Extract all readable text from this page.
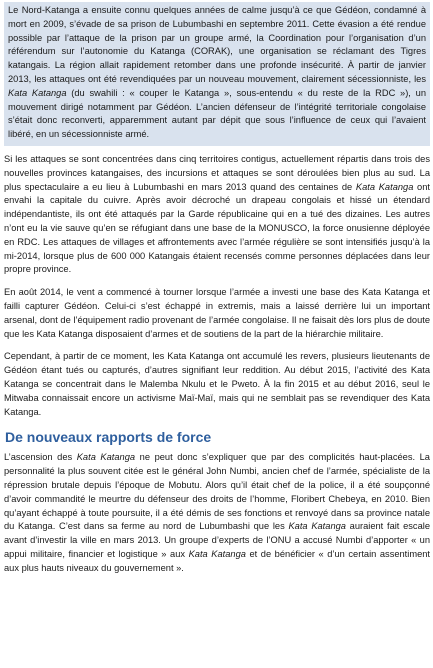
Le Nord-Katanga a ensuite connu quelques années de calme jusqu’à ce que Gédéon, condamné à mort en 2009, s’évade de sa prison de Lubumbashi en septembre 2011. Cette évasion a été rendue possible par l’attaque de la prison par un groupe armé, la Coordination pour l’organisation d’un référendum sur l’autonomie du Katanga (CORAK), une organisation se réclamant des Tigres katangais. La région allait rapidement retomber dans une profonde insécurité. À partir de janvier 2013, les attaques ont été revendiquées par un nouveau mouvement, clairement sécessionniste, les Kata Katanga (du swahili : « couper le Katanga », sous-entendu « du reste de la RDC »), un mouvement dirigé notamment par Gédéon. L’ancien défenseur de l’intégrité territoriale congolaise s’était donc reconverti, apparemment autant par dépit que sous l’influence de ceux qui l’avaient libéré, en un sécessionniste armé.

Si les attaques se sont concentrées dans cinq territoires contigus, actuellement répartis dans trois des nouvelles provinces katangaises, des incursions et attaques se sont déroulées bien plus au sud. La plus spectaculaire a eu lieu à Lubumbashi en mars 2013 quand des centaines de Kata Katanga ont envahi la capitale du cuivre. Après avoir décroché un drapeau congolais et hissé un étendard indépendantiste, ils ont été attaqués par la Garde républicaine qui en a tué des dizaines. Les autres n’ont eu la vie sauve qu’en se réfugiant dans une base de la MONUSCO, la force onusienne déployée en RDC. Les attaques de villages et affrontements avec l’armée régulière se sont intensifiés jusqu’à la mi-2014, lorsque plus de 600 000 Katangais étaient recensés comme personnes déplacées dans leur propre province.

En août 2014, le vent a commencé à tourner lorsque l’armée a investi une base des Kata Katanga et failli capturer Gédéon. Celui-ci s’est échappé in extremis, mais a laissé derrière lui un important arsenal, dont de l’équipement radio provenant de l’armée congolaise. Il ne faisait dès lors plus de doute que les Kata Katanga disposaient d’armes et de soutiens de la part de la hiérarchie militaire.

Cependant, à partir de ce moment, les Kata Katanga ont accumulé les revers, plusieurs lieutenants de Gédéon étant tués ou capturés, d’autres signifiant leur reddition. Au début 2015, l’activité des Kata Katanga se concentrait dans le Malemba Nkulu et le Pweto. À la fin 2015 et au début 2016, seul le Mitwaba connaissait encore un activisme Maï-Maï, mais qui ne semblait pas se revendiquer des Kata Katanga.

De nouveaux rapports de force

L’ascension des Kata Katanga ne peut donc s’expliquer que par des complicités haut-placées. La personnalité la plus souvent citée est le général John Numbi, ancien chef de l’armée, spécialiste de la répression brutale depuis l’époque de Mobutu. Alors qu’il était chef de la police, il a été soupçonné d’avoir commandité le meurtre du défenseur des droits de l’homme, Floribert Chebeya, en 2010. Bien qu’ayant échappé à toute poursuite, il a été démis de ses fonctions et renvoyé dans sa province natale du Katanga. C’est dans sa ferme au nord de Lubumbashi que les Kata Katanga auraient fait escale avant d’investir la ville en mars 2013. Un groupe d’experts de l’ONU a accusé Numbi d’apporter « un appui militaire, financier et logistique » aux Kata Katanga et de bénéficier « d’un certain assentiment aux plus hauts niveaux du gouvernement ».
